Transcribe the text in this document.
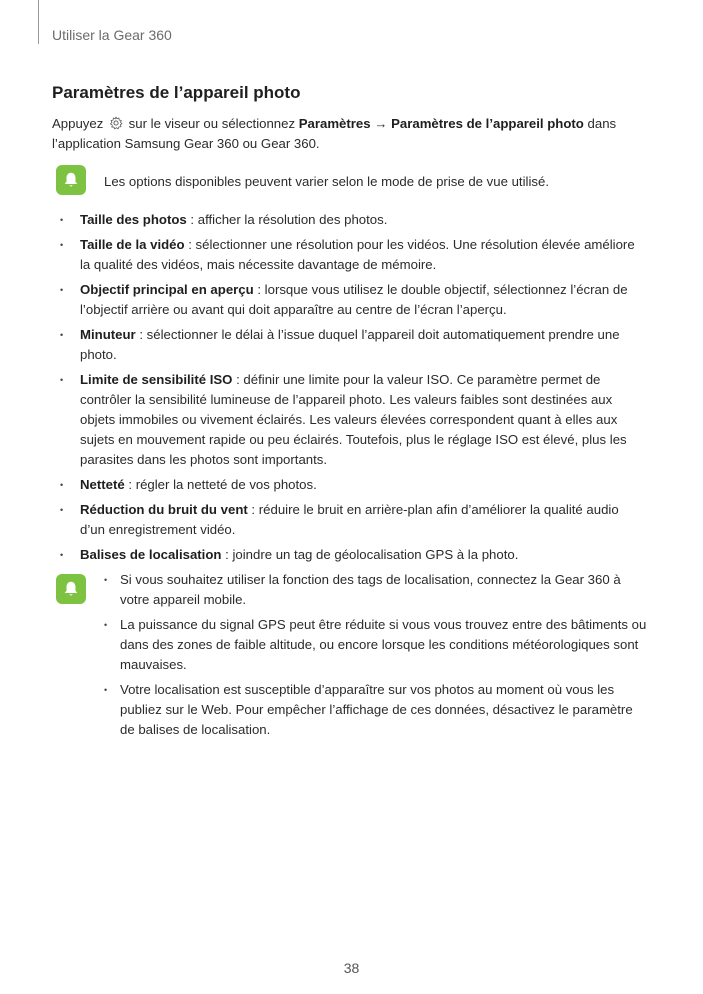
Utiliser la Gear 360
Paramètres de l’appareil photo
Appuyez  sur le viseur ou sélectionnez Paramètres → Paramètres de l’appareil photo dans l’application Samsung Gear 360 ou Gear 360.
Les options disponibles peuvent varier selon le mode de prise de vue utilisé.
• Taille des photos : afficher la résolution des photos.
• Taille de la vidéo : sélectionner une résolution pour les vidéos. Une résolution élevée améliore la qualité des vidéos, mais nécessite davantage de mémoire.
• Objectif principal en aperçu : lorsque vous utilisez le double objectif, sélectionnez l’écran de l’objectif arrière ou avant qui doit apparaître au centre de l’écran l’aperçu.
• Minuteur : sélectionner le délai à l’issue duquel l’appareil doit automatiquement prendre une photo.
• Limite de sensibilité ISO : définir une limite pour la valeur ISO. Ce paramètre permet de contrôler la sensibilité lumineuse de l’appareil photo. Les valeurs faibles sont destinées aux objets immobiles ou vivement éclairés. Les valeurs élevées correspondent quant à elles aux sujets en mouvement rapide ou peu éclairés. Toutefois, plus le réglage ISO est élevé, plus les parasites dans les photos sont importants.
• Netteté : régler la netteté de vos photos.
• Réduction du bruit du vent : réduire le bruit en arrière-plan afin d’améliorer la qualité audio d’un enregistrement vidéo.
• Balises de localisation : joindre un tag de géolocalisation GPS à la photo.
• Si vous souhaitez utiliser la fonction des tags de localisation, connectez la Gear 360 à votre appareil mobile.
• La puissance du signal GPS peut être réduite si vous vous trouvez entre des bâtiments ou dans des zones de faible altitude, ou encore lorsque les conditions météorologiques sont mauvaises.
• Votre localisation est susceptible d’apparaître sur vos photos au moment où vous les publiez sur le Web. Pour empêcher l’affichage de ces données, désactivez le paramètre de balises de localisation.
38
